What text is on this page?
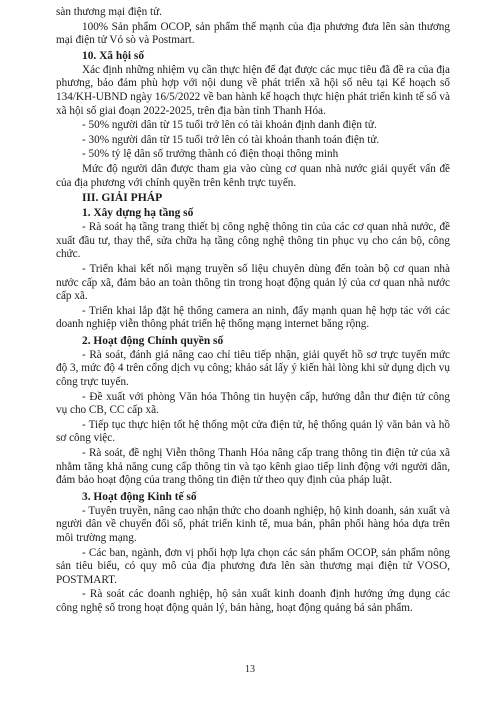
sàn thương mại điện tử.

100% Sản phẩm OCOP, sản phẩm thế mạnh của địa phương đưa lên sàn thương mại điện tử Vỏ sò và Postmart.

10. Xã hội số

Xác định những nhiệm vụ cần thực hiện để đạt được các mục tiêu đã đề ra của địa phương, bảo đảm phù hợp với nội dung về phát triển xã hội số nêu tại Kế hoạch số 134/KH-UBND ngày 16/5/2022 về ban hành kế hoạch thực hiện phát triển kinh tế số và xã hội số giai đoạn 2022-2025, trên địa bàn tỉnh Thanh Hóa.

- 50% người dân từ 15 tuổi trở lên có tài khoản định danh điện tử.

- 30% người dân từ 15 tuổi trở lên có tài khoản thanh toán điện tử.

- 50% tỷ lệ dân số trưởng thành có điện thoại thông minh

Mức độ người dân được tham gia vào cùng cơ quan nhà nước giải quyết vấn đề của địa phương với chính quyền trên kênh trực tuyến.

III. GIẢI PHÁP
1. Xây dựng hạ tầng số

- Rà soát hạ tầng trang thiết bị công nghệ thông tin của các cơ quan nhà nước, đề xuất đầu tư, thay thế, sửa chữa hạ tầng công nghệ thông tin phục vụ cho cán bộ, công chức.

- Triển khai kết nối mạng truyền số liệu chuyên dùng đến toàn bộ cơ quan nhà nước cấp xã, đảm bảo an toàn thông tin trong hoạt động quản lý của cơ quan nhà nước cấp xã.

- Triển khai lắp đặt hệ thống camera an ninh, đẩy mạnh quan hệ hợp tác với các doanh nghiệp viễn thông phát triển hệ thống mạng internet băng rộng.

2. Hoạt động Chính quyền số

- Rà soát, đánh giá nâng cao chỉ tiêu tiếp nhận, giải quyết hồ sơ trực tuyến mức độ 3, mức độ 4 trên cổng dịch vụ công; khảo sát lấy ý kiến hài lòng khi sử dụng dịch vụ công trực tuyến.

- Đề xuất với phòng Văn hóa Thông tin huyện cấp, hướng dẫn thư điện tử công vụ cho CB, CC cấp xã.

- Tiếp tục thực hiện tốt hệ thống một cửa điện tử, hệ thống quản lý văn bản và hồ sơ công việc.

- Rà soát, đề nghị Viễn thông Thanh Hóa nâng cấp trang thông tin điện tử của xã nhằm tăng khả năng cung cấp thông tin và tạo kênh giao tiếp linh động với người dân, đảm bảo hoạt động của trang thông tin điện tử theo quy định của pháp luật.

3. Hoạt động Kinh tế số

- Tuyên truyền, nâng cao nhận thức cho doanh nghiệp, hộ kinh doanh, sản xuất và người dân về chuyển đổi số, phát triển kinh tế, mua bán, phân phối hàng hóa dựa trên môi trường mạng.

- Các ban, ngành, đơn vị phối hợp lựa chọn các sản phẩm OCOP, sản phẩm nông sản tiêu biểu, có quy mô của địa phương đưa lên sàn thương mại điện tử VOSO, POSTMART.

- Rà soát các doanh nghiệp, hộ sản xuất kinh doanh định hướng ứng dụng các công nghệ số trong hoạt động quản lý, bán hàng, hoạt động quảng bá sản phẩm.

13
